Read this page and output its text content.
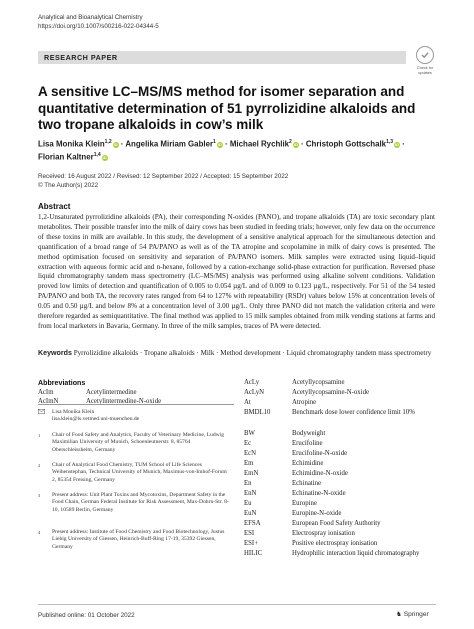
Analytical and Bioanalytical Chemistry
https://doi.org/10.1007/s00216-022-04344-5
RESEARCH PAPER
Check for updates
A sensitive LC–MS/MS method for isomer separation and quantitative determination of 51 pyrrolizidine alkaloids and two tropane alkaloids in cow’s milk
Lisa Monika Klein$^{1,2}$ iD · Angelika Miriam Gabler$^1$ iD · Michael Rychlik$^2$ iD · Christoph Gottschalk$^{1,3}$ iD ·
Florian Kaltner$^{1,4}$ iD
Received: 16 August 2022 / Revised: 12 September 2022 / Accepted: 15 September 2022
© The Author(s) 2022
Abstract
1,2-Unsaturated pyrrolizidine alkaloids (PA), their corresponding N-oxides (PANO), and tropane alkaloids (TA) are toxic secondary plant metabolites. Their possible transfer into the milk of dairy cows has been studied in feeding trials; however, only few data on the occurrence of these toxins in milk are available. In this study, the development of a sensitive analytical approach for the simultaneous detection and quantification of a broad range of 54 PA/PANO as well as of the TA atropine and scopolamine in milk of dairy cows is presented. The method optimisation focused on sensitivity and separation of PA/PANO isomers. Milk samples were extracted using liquid–liquid extraction with aqueous formic acid and n-hexane, followed by a cation-exchange solid-phase extraction for purification. Reversed phase liquid chromatography tandem mass spectrometry (LC–MS/MS) analysis was performed using alkaline solvent conditions. Validation proved low limits of detection and quantification of 0.005 to 0.054 µg/L and of 0.009 to 0.123 µg/L, respectively. For 51 of the 54 tested PA/PANO and both TA, the recovery rates ranged from 64 to 127% with repeatability (RSDr) values below 15% at concentration levels of 0.05 and 0.50 µg/L and below 8% at a concentration level of 3.00 µg/L. Only three PANO did not match the validation criteria and were therefore regarded as semiquantitative. The final method was applied to 15 milk samples obtained from milk vending stations at farms and from local marketers in Bavaria, Germany. In three of the milk samples, traces of PA were detected.
Keywords Pyrrolizidine alkaloids · Tropane alkaloids · Milk · Method development · Liquid chromatography tandem mass spectrometry
Abbreviations
AcIm	Acetylintermedine
AcImN	Acetylintermedine-N-oxide
Lisa Monika Klein
lisa.klein@ls.vetmed.uni-muenchen.de
1 Chair of Food Safety and Analytics, Faculty of Veterinary Medicine, Ludwig Maximilian University of Munich, Schoenleutnerstr. 8, 85764 Oberschleissheim, Germany
2 Chair of Analytical Food Chemistry, TUM School of Life Sciences Weihenstephan, Technical University of Munich, Maximus-von-Imhof-Forum 2, 85354 Freising, Germany
3 Present address: Unit Plant Toxins and Mycotoxins, Department Safety in the Food Chain, German Federal Institute for Risk Assessment, Max-Dohrn-Str. 8-10, 10589 Berlin, Germany
4 Present address: Institute of Food Chemistry and Food Biotechnology, Justus Liebig University of Giessen, Heinrich-Buff-Ring 17-19, 35392 Giessen, Germany
AcLy	Acetyllycopsamine
AcLyN	Acetyllycopsamine-N-oxide
At	Atropine
BMDL10	Benchmark dose lower confidence limit 10%
BW	Bodyweight
Ec	Erucifoline
EcN	Erucifoline-N-oxide
Em	Echimidine
EmN	Echimidine-N-oxide
En	Echinatine
EnN	Echinatine-N-oxide
Eu	Europine
EuN	Europine-N-oxide
EFSA	European Food Safety Authority
ESI	Electrospray ionisation
ESI+	Positive electrospray ionisation
HILIC	Hydrophilic interaction liquid chromatography
Published online: 01 October 2022	♞ Springer
